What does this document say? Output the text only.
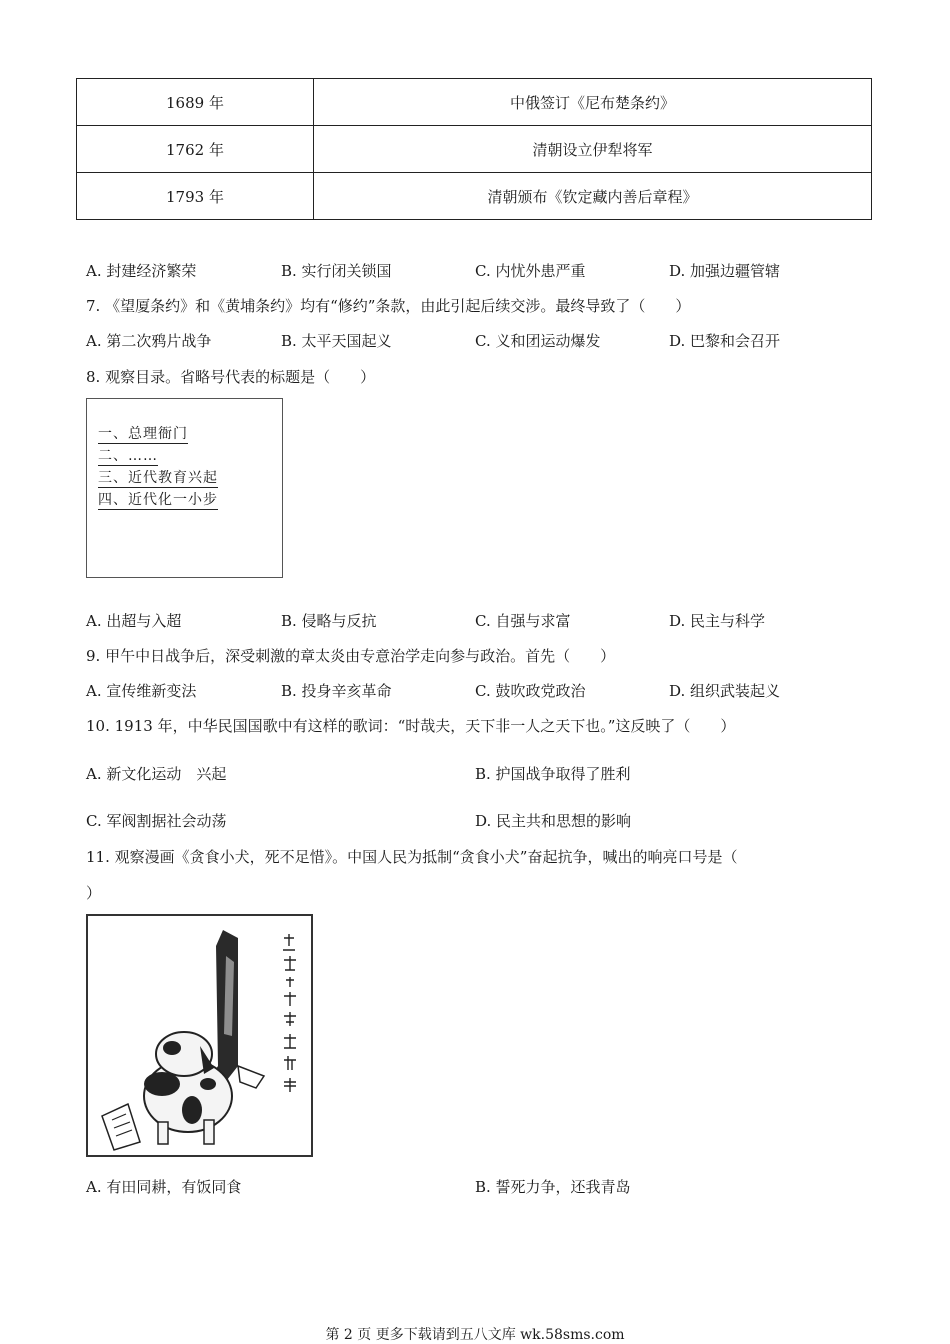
1689 年	中俄签订《尼布楚条约》
1762 年	清朝设立伊犁将军
1793 年	清朝颁布《钦定藏内善后章程》
A. 封建经济繁荣	B. 实行闭关锁国	C. 内忧外患严重	D. 加强边疆管辖
7. 《望厦条约》和《黄埔条约》均有“修约”条款，由此引起后续交涉。最终导致了（　　）
A. 第二次鸦片战争	B. 太平天国起义	C. 义和团运动爆发	D. 巴黎和会召开
8. 观察目录。省略号代表的标题是（　　）
一、总理衙门
二、……
三、近代教育兴起
四、近代化一小步
A. 出超与入超	B. 侵略与反抗	C. 自强与求富	D. 民主与科学
9. 甲午中日战争后，深受刺激的章太炎由专意治学走向参与政治。首先（　　）
A. 宣传维新变法	B. 投身辛亥革命	C. 鼓吹政党政治	D. 组织武装起义
10. 1913 年，中华民国国歌中有这样的歌词：“时哉夫，天下非一人之天下也。”这反映了（　　）
A. 新文化运动　兴起	B. 护国战争取得了胜利
C. 军阀割据社会动荡	D. 民主共和思想的影响
11. 观察漫画《贪食小犬，死不足惜》。中国人民为抵制“贪食小犬”奋起抗争，喊出的响亮口号是（
）
A. 有田同耕，有饭同食	B. 誓死力争，还我青岛
第 2 页 更多下载请到五八文库 wk.58sms.com
